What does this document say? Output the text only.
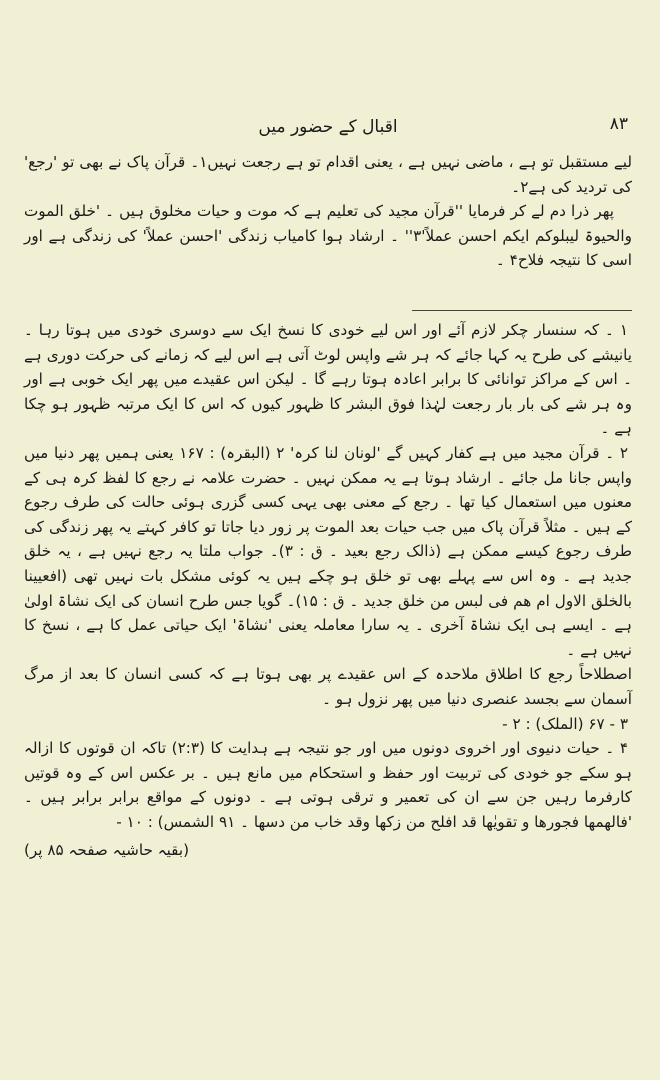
اقبال کے حضور میں	۸۳

لیے مستقبل تو ہے ، ماضی نہیں ہے ، یعنی اقدام تو ہے رجعت نہیں۱۔ قرآن پاک نے بھی تو 'رجع' کی تردید کی ہے۲۔

پھر ذرا دم لے کر فرمایا ''قرآن مجید کی تعلیم ہے کہ موت و حیات مخلوق ہیں ۔ 'خلق الموت والحیوۃ لیبلوکم ایکم احسن عملاً'۳'' ۔ ارشاد ہوا کامیاب زندگی 'احسن عملاً' کی زندگی ہے اور اسی کا نتیجہ فلاح۴ ۔

۱ ۔ کہ سنسار چکر لازم آئے اور اس لیے خودی کا نسخ ایک سے دوسری خودی میں ہوتا رہا ۔ یانیشے کی طرح یہ کہا جائے کہ ہر شے واپس لوٹ آتی ہے اس لیے کہ زمانے کی حرکت دوری ہے ۔ اس کے مراکز توانائی کا برابر اعادہ ہوتا رہے گا ۔ لیکن اس عقیدے میں پھر ایک خوبی ہے اور وہ ہر شے کی بار بار رجعت لہٰذا فوق البشر کا ظہور کیوں کہ اس کا ایک مرتبہ ظہور ہو چکا ہے ۔

۲ ۔ قرآن مجید میں ہے کفار کہیں گے 'لونان لنا کرہ' ۲ (البقرہ) : ۱۶۷ یعنی ہمیں پھر دنیا میں واپس جانا مل جائے ۔ ارشاد ہوتا ہے یہ ممکن نہیں ۔ حضرت علامہ نے رجع کا لفظ کرہ ہی کے معنوں میں استعمال کیا تھا ۔ رجع کے معنی بھی یہی کسی گزری ہوئی حالت کی طرف رجوع کے ہیں ۔ مثلاً قرآن پاک میں جب حیات بعد الموت پر زور دیا جاتا تو کافر کہتے یہ پھر زندگی کی طرف رجوع کیسے ممکن ہے (ذالک رجع بعید ۔ ق : ۳)۔ جواب ملتا یہ رجع نہیں ہے ، یہ خلق جدید ہے ۔ وہ اس سے پہلے بھی تو خلق ہو چکے ہیں یہ کوئی مشکل بات نہیں تھی (افعیینا بالخلق الاول ام ھم فی لبس من خلق جدید ۔ ق : ۱۵)۔ گویا جس طرح انسان کی ایک نشاۃ اولیٰ ہے ۔ ایسے ہی ایک نشاۃ آخری ۔ یہ سارا معاملہ یعنی 'نشاۃ' ایک حیاتی عمل کا ہے ، نسخ کا نہیں ہے ۔

اصطلاحاً رجع کا اطلاق ملاحدہ کے اس عقیدے پر بھی ہوتا ہے کہ کسی انسان کا بعد از مرگ آسمان سے بجسد عنصری دنیا میں پھر نزول ہو ۔

۳ - ۶۷ (الملک) : ۲ -

۴ ۔ حیات دنیوی اور اخروی دونوں میں اور جو نتیجہ ہے ہدایت کا (۲:۳) تاکہ ان قوتوں کا ازالہ ہو سکے جو خودی کی تربیت اور حفظ و استحکام میں مانع ہیں ۔ بر عکس اس کے وہ قوتیں کارفرما رہیں جن سے ان کی تعمیر و ترقی ہوتی ہے ۔ دونوں کے مواقع برابر برابر ہیں ۔ 'فالھمھا فجورھا و تقویٰھا قد افلح من زکھا وقد خاب من دسھا ۔ ۹۱ الشمس) : ۱۰ -

(بقیہ حاشیہ صفحہ ۸۵ پر)
